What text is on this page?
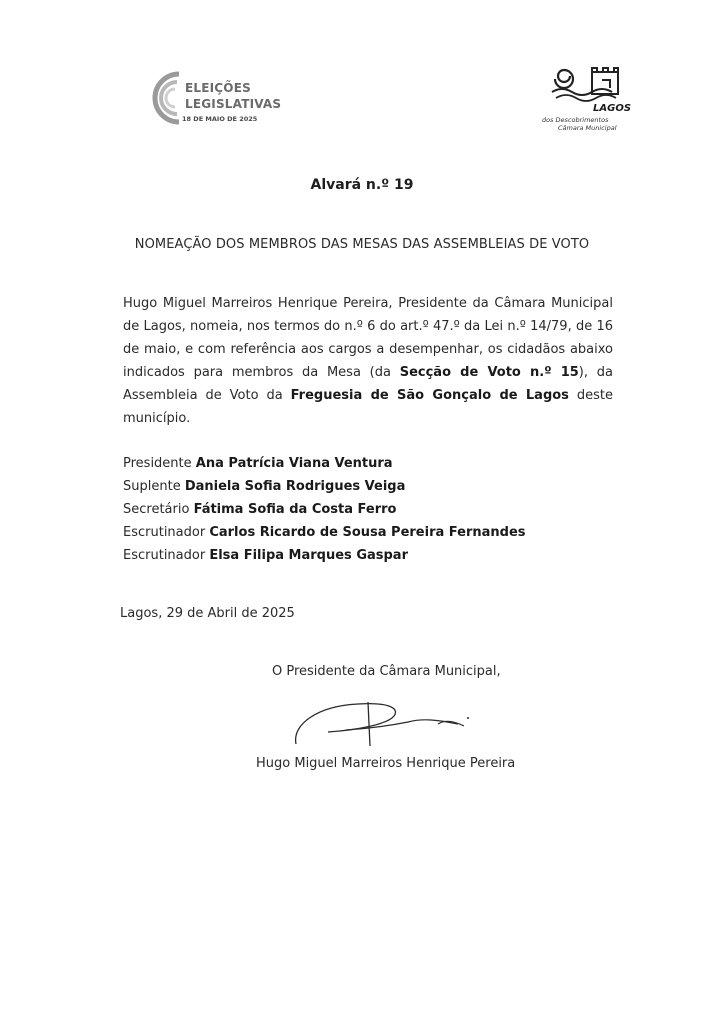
ELEIÇÕES
LEGISLATIVAS
18 DE MAIO DE 2025
LAGOS
dos Descobrimentos
Câmara Municipal
Alvará n.º 19
NOMEAÇÃO DOS MEMBROS DAS MESAS DAS ASSEMBLEIAS DE VOTO
Hugo Miguel Marreiros Henrique Pereira, Presidente da Câmara Municipal de Lagos, nomeia, nos termos do n.º 6 do art.º 47.º da Lei n.º 14/79, de 16 de maio, e com referência aos cargos a desempenhar, os cidadãos abaixo indicados para membros da Mesa (da Secção de Voto n.º 15), da Assembleia de Voto da Freguesia de São Gonçalo de Lagos deste município.
Presidente Ana Patrícia Viana Ventura
Suplente Daniela Sofia Rodrigues Veiga
Secretário Fátima Sofia da Costa Ferro
Escrutinador Carlos Ricardo de Sousa Pereira Fernandes
Escrutinador Elsa Filipa Marques Gaspar
Lagos, 29 de Abril de 2025
O Presidente da Câmara Municipal,
Hugo Miguel Marreiros Henrique Pereira
